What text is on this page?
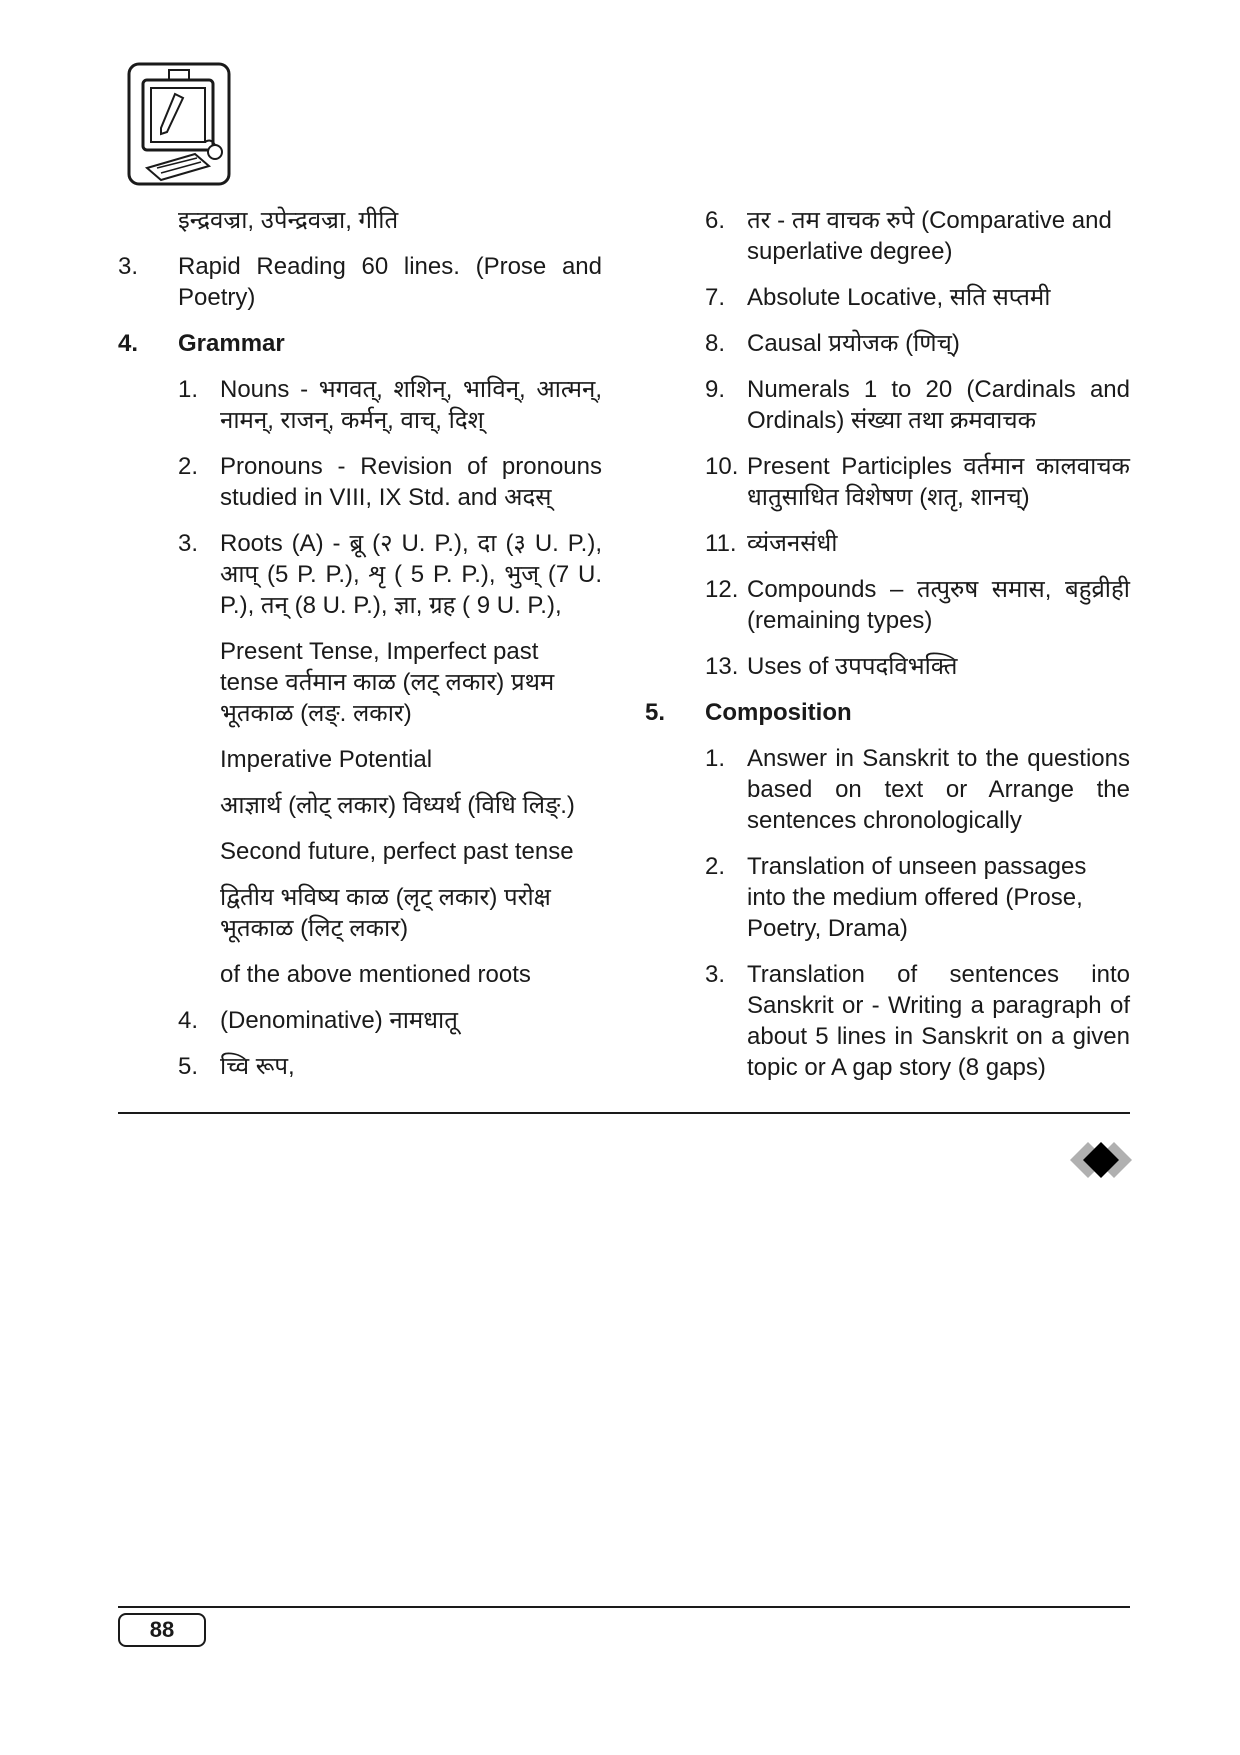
इन्द्रवज्रा, उपेन्द्रवज्रा, गीति
3.	Rapid Reading 60 lines. (Prose and Poetry)
4.	Grammar
1. Nouns - भगवत्, शशिन्, भाविन्, आत्मन्, नामन्, राजन्, कर्मन्, वाच्, दिश्
2. Pronouns - Revision of pronouns studied in VIII, IX Std. and अदस्
3. Roots (A) - ब्रू (२ U. P.), दा (३ U. P.), आप् (5 P. P.), शृ ( 5 P. P.), भुज् (7 U. P.), तन् (8 U. P.), ज्ञा, ग्रह ( 9 U. P.),
Present Tense, Imperfect past tense वर्तमान काळ (लट् लकार) प्रथम भूतकाळ (लङ्. लकार)
Imperative Potential
आज्ञार्थ (लोट् लकार) विध्यर्थ (विधि लिङ्.)
Second future, perfect past tense
द्वितीय भविष्य काळ (लृट् लकार) परोक्ष भूतकाळ (लिट् लकार)
of the above mentioned roots
4. (Denominative) नामधातू
5. च्वि रूप,
6. तर - तम वाचक रुपे (Comparative and superlative degree)
7. Absolute Locative, सति सप्तमी
8. Causal प्रयोजक (णिच्)
9. Numerals 1 to 20 (Cardinals and Ordinals) संख्या तथा क्रमवाचक
10. Present Participles वर्तमान कालवाचक धातुसाधित विशेषण (शतृ, शानच्)
11. व्यंजनसंधी
12. Compounds – तत्पुरुष समास, बहुव्रीही (remaining types)
13. Uses of उपपदविभक्ति
5.	Composition
1. Answer in Sanskrit to the questions based on text or Arrange the sentences chronologically
2. Translation of unseen passages into the medium offered (Prose, Poetry, Drama)
3. Translation of sentences into Sanskrit or - Writing a paragraph of about 5 lines in Sanskrit on a given topic or A gap story (8 gaps)
88
